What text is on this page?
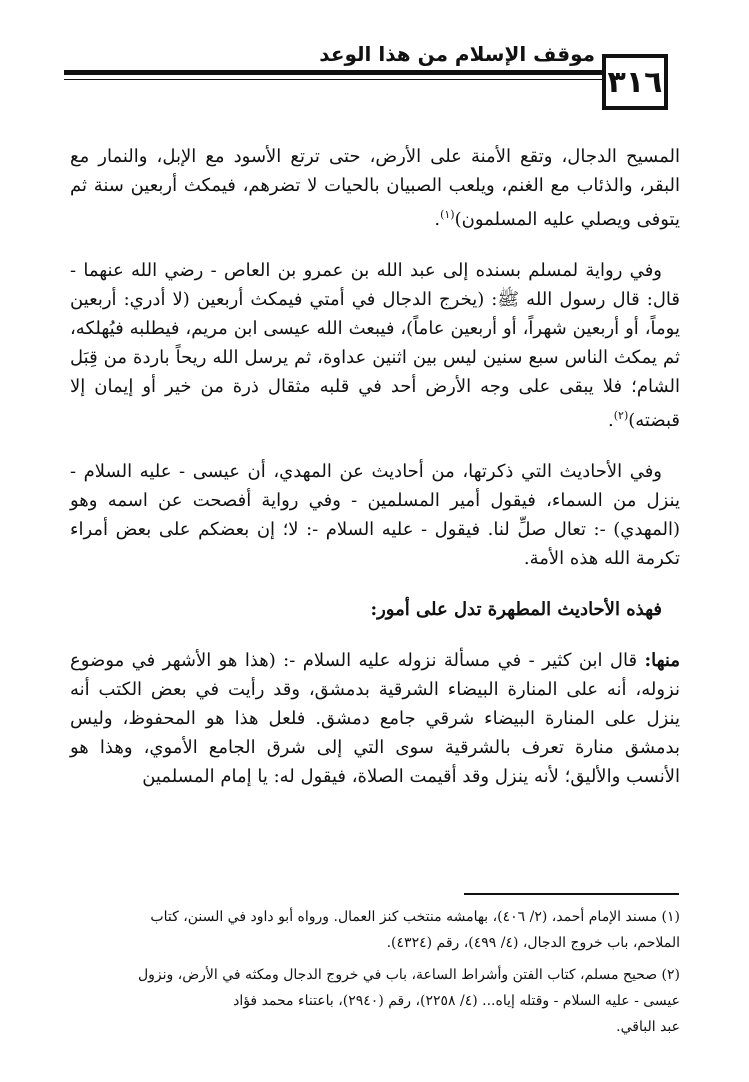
موقف الإسلام من هذا الوعد
٣١٦

المسيح الدجال، وتقع الأمنة على الأرض، حتى ترتع الأسود مع الإبل، والنمار مع البقر، والذئاب مع الغنم، ويلعب الصبيان بالحيات لا تضرهم، فيمكث أربعين سنة ثم يتوفى ويصلي عليه المسلمون)$^{(١)}$.

وفي رواية لمسلم بسنده إلى عبد الله بن عمرو بن العاص - رضي الله عنهما - قال: قال رسول الله ﷺ: (يخرج الدجال في أمتي فيمكث أربعين (لا أدري: أربعين يوماً، أو أربعين شهراً، أو أربعين عاماً)، فيبعث الله عيسى ابن مريم، فيطلبه فيُهلكه، ثم يمكث الناس سبع سنين ليس بين اثنين عداوة، ثم يرسل الله ريحاً باردة من قِبَل الشام؛ فلا يبقى على وجه الأرض أحد في قلبه مثقال ذرة من خير أو إيمان إلا قبضته)$^{(٢)}$.

وفي الأحاديث التي ذكرتها، من أحاديث عن المهدي، أن عيسى - عليه السلام - ينزل من السماء، فيقول أمير المسلمين - وفي رواية أفصحت عن اسمه وهو (المهدي) -: تعال صلِّ لنا. فيقول - عليه السلام -: لا؛ إن بعضكم على بعض أمراء تكرمة الله هذه الأمة.

فهذه الأحاديث المطهرة تدل على أمور:

منها: قال ابن كثير - في مسألة نزوله عليه السلام -: (هذا هو الأشهر في موضوع نزوله، أنه على المنارة البيضاء الشرقية بدمشق، وقد رأيت في بعض الكتب أنه ينزل على المنارة البيضاء شرقي جامع دمشق. فلعل هذا هو المحفوظ، وليس بدمشق منارة تعرف بالشرقية سوى التي إلى شرق الجامع الأموي، وهذا هو الأنسب والأليق؛ لأنه ينزل وقد أقيمت الصلاة، فيقول له: يا إمام المسلمين

(١) مسند الإمام أحمد، (٢/ ٤٠٦)، بهامشه منتخب كنز العمال. ورواه أبو داود في السنن، كتاب
الملاحم، باب خروج الدجال، (٤/ ٤٩٩)، رقم (٤٣٢٤).
(٢) صحيح مسلم، كتاب الفتن وأشراط الساعة، باب في خروج الدجال ومكثه في الأرض، ونزول
عيسى - عليه السلام - وقتله إياه... (٤/ ٢٢٥٨)، رقم (٢٩٤٠)، باعتناء محمد فؤاد
عبد الباقي.
